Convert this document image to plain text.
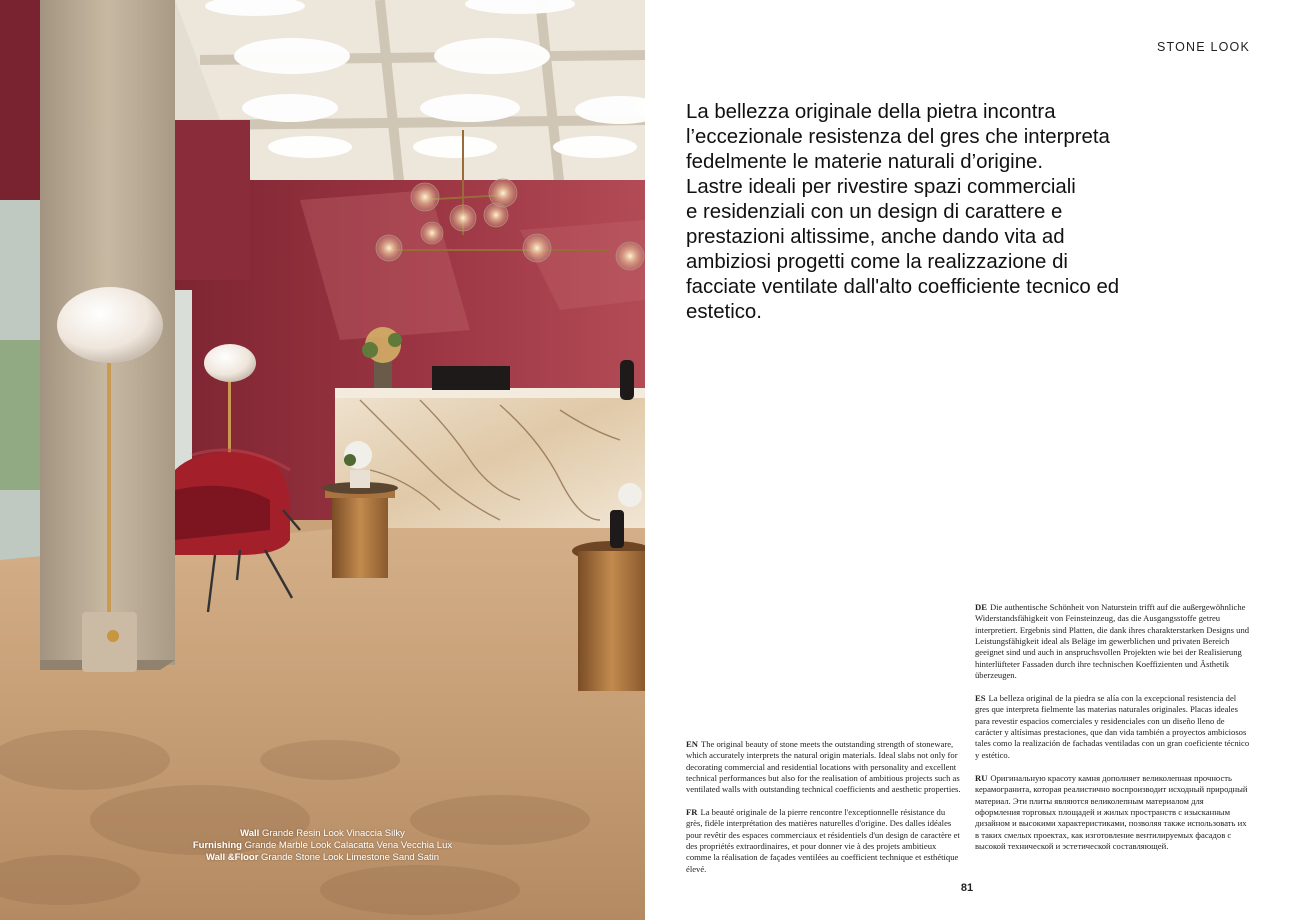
Wall Grande Resin Look Vinaccia Silky
Furnishing Grande Marble Look Calacatta Vena Vecchia Lux
Wall &Floor Grande Stone Look Limestone Sand Satin
STONE LOOK
La bellezza originale della pietra incontra
l’eccezionale resistenza del gres che interpreta
fedelmente le materie naturali d’origine.
Lastre ideali per rivestire spazi commerciali
e residenziali con un design di carattere e
prestazioni altissime, anche dando vita ad
ambiziosi progetti come la realizzazione di
facciate ventilate dall'alto coefficiente tecnico ed
estetico.

DE Die authentische Schönheit von Naturstein trifft auf die außergewöhnliche Widerstandsfähigkeit von Feinsteinzeug, das die Ausgangsstoffe getreu interpretiert. Ergebnis sind Platten, die dank ihres charakterstarken Designs und Leistungsfähigkeit ideal als Beläge im gewerblichen und privaten Bereich geeignet sind und auch in anspruchsvollen Projekten wie bei der Realisierung hinterlüfteter Fassaden durch ihre technischen Koeffizienten und Ästhetik überzeugen.

ES La belleza original de la piedra se alía con la excepcional resistencia del gres que interpreta fielmente las materias naturales originales. Placas ideales para revestir espacios comerciales y residenciales con un diseño lleno de carácter y altísimas prestaciones, que dan vida también a proyectos ambiciosos tales como la realización de fachadas ventiladas con un gran coeficiente técnico y estético.

EN The original beauty of stone meets the outstanding strength of stoneware, which accurately interprets the natural origin materials. Ideal slabs not only for decorating commercial and residential locations with personality and excellent technical performances but also for the realisation of ambitious projects such as ventilated walls with outstanding technical coefficients and aesthetic properties.

RU Оригинальную красоту камня дополняет великолепная прочность керамогранита, которая реалистично воспроизводит исходный природный материал. Эти плиты являются великолепным материалом для оформления торговых площадей и жилых пространств с изысканным дизайном и высокими характеристиками, позволяя также использовать их в таких смелых проектах, как изготовление вентилируемых фасадов с высокой технической и эстетической составляющей.

FR La beauté originale de la pierre rencontre l'exceptionnelle résistance du grès, fidèle interprétation des matières naturelles d'origine. Des dalles idéales pour revêtir des espaces commerciaux et résidentiels d'un design de caractère et des propriétés extraordinaires, et pour donner vie à des projets ambitieux comme la réalisation de façades ventilées au coefficient technique et esthétique élevé.

81
